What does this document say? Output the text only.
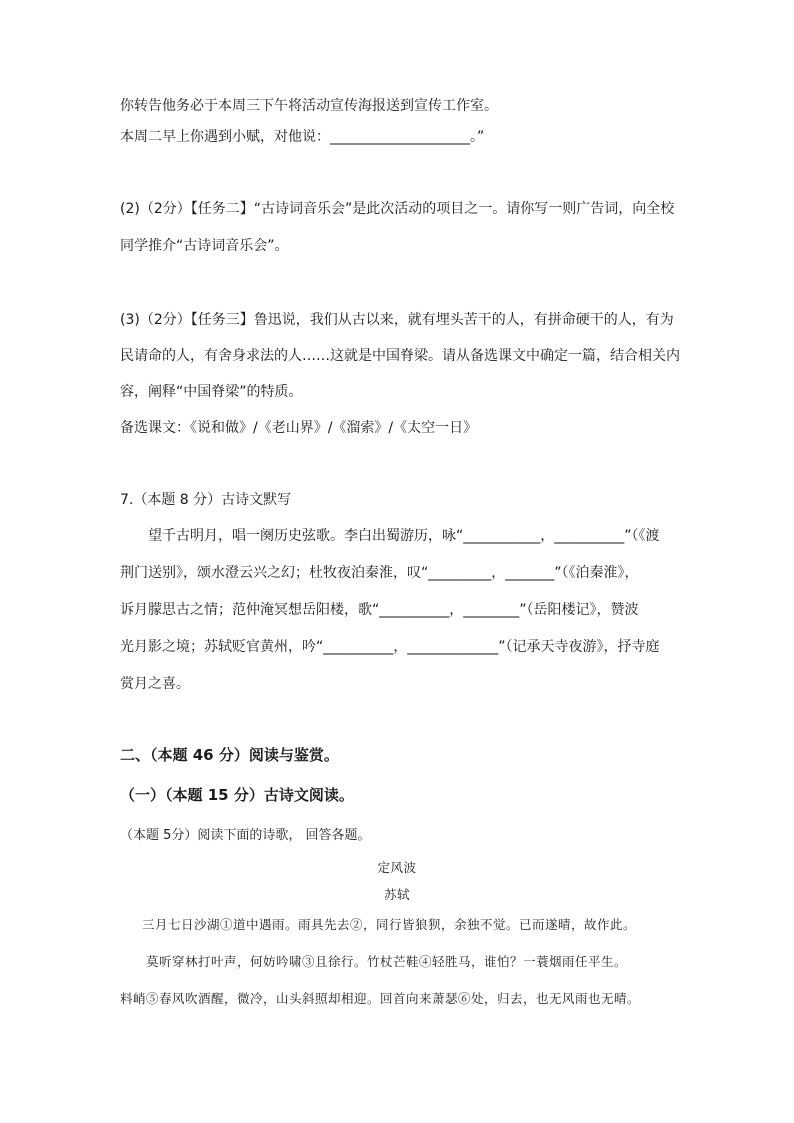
你转告他务必于本周三下午将活动宣传海报送到宣传工作室。
本周二早上你遇到小赋，对他说：____________________。”
(2)（2分）【任务二】“古诗词音乐会”是此次活动的项目之一。请你写一则广告词，向全校
同学推介“古诗词音乐会”。
(3)（2分）【任务三】鲁迅说，我们从古以来，就有埋头苦干的人，有拼命硬干的人，有为
民请命的人，有舍身求法的人……这就是中国脊梁。请从备选课文中确定一篇，结合相关内
容，阐释“中国脊梁”的特质。
备选课文：《说和做》/《老山界》/《溜索》/《太空一日》
7.（本题 8 分）古诗文默写
望千古明月，唱一阕历史弦歌。李白出蜀游历，咏“___________，__________”（《渡
荆门送别》，颂水澄云兴之幻；杜牧夜泊秦淮，叹“_________，_______”（《泊秦淮》，
诉月朦思古之情；范仲淹冥想岳阳楼，歌“__________，________”（岳阳楼记》，赞波
光月影之境；苏轼贬官黄州，吟“__________，_____________”（记承天寺夜游》，抒寺庭
赏月之喜。
二、（本题 46 分）阅读与鉴赏。
（一）（本题 15 分）古诗文阅读。
（本题 5分）阅读下面的诗歌， 回答各题。
定风波
苏轼
三月七日沙湖①道中遇雨。雨具先去②，同行皆狼狈，余独不觉。已而遂晴，故作此。
莫听穿林打叶声，何妨吟啸③且徐行。竹杖芒鞋④轻胜马，谁怕？一蓑烟雨任平生。
料峭⑤春风吹酒醒，微冷，山头斜照却相迎。回首向来萧瑟⑥处，归去，也无风雨也无晴。
